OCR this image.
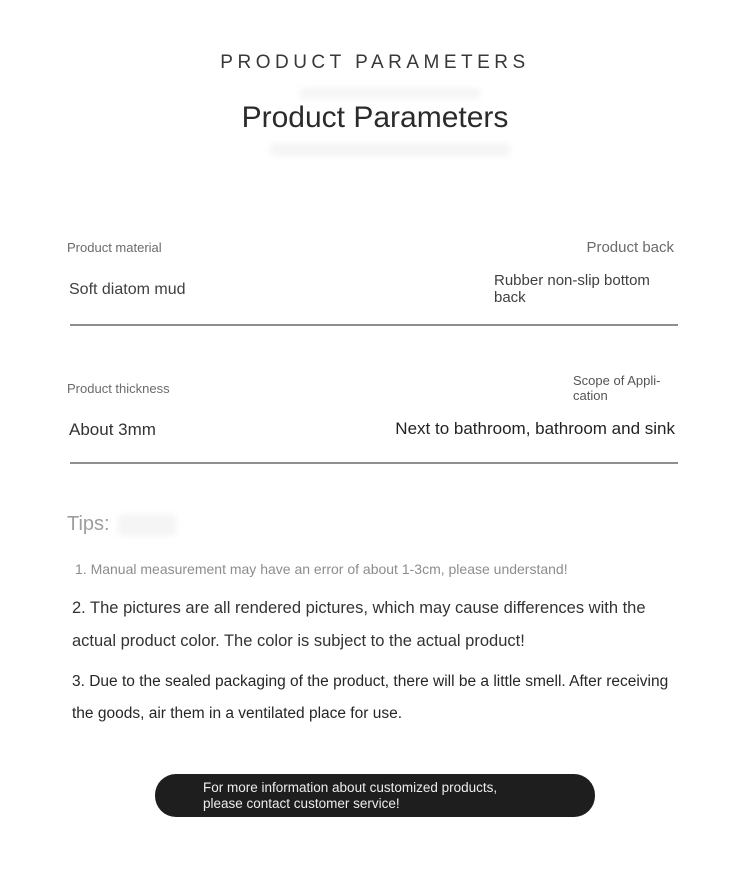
PRODUCT PARAMETERS
Product Parameters
Product material
Soft diatom mud
Product back
Rubber non-slip bottom back
Product thickness
About 3mm
Scope of Appli-cation
Next to bathroom, bathroom and sink
Tips:
1. Manual measurement may have an error of about 1-3cm, please understand!
2. The pictures are all rendered pictures, which may cause differences with the actual product color. The color is subject to the actual product!
3. Due to the sealed packaging of the product, there will be a little smell. After receiving the goods, air them in a ventilated place for use.
For more information about customized products, please contact customer service!
